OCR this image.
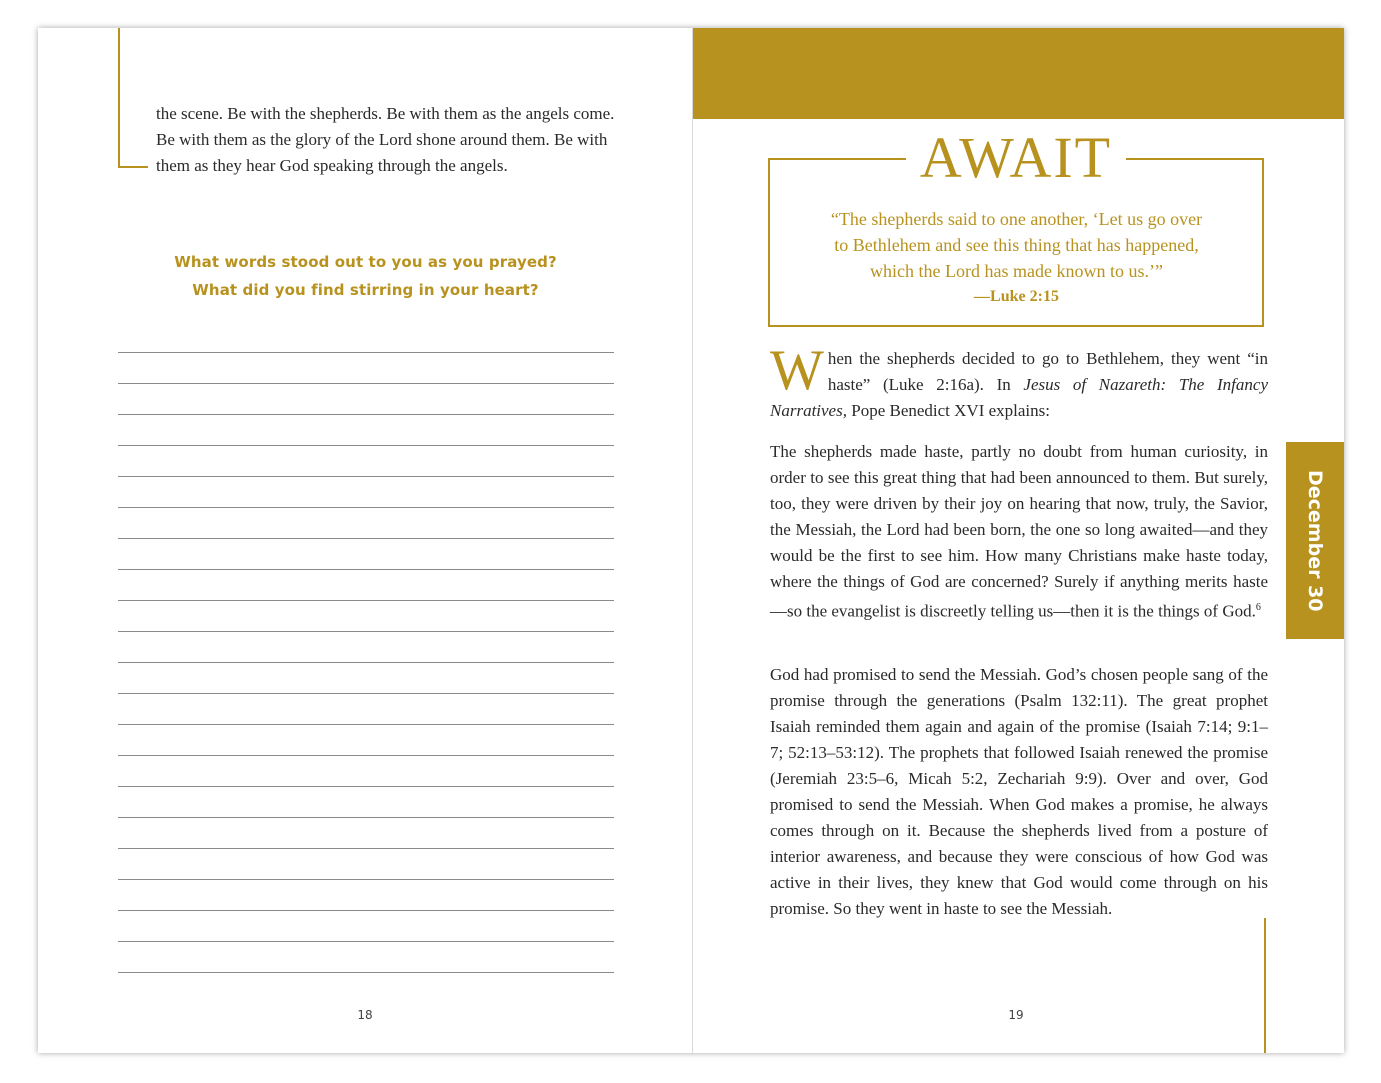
the scene. Be with the shepherds. Be with them as the angels come. Be with them as the glory of the Lord shone around them. Be with them as they hear God speaking through the angels.
What words stood out to you as you prayed?
What did you find stirring in your heart?
18
AWAIT
“The shepherds said to one another, ‘Let us go over
to Bethlehem and see this thing that has happened,
which the Lord has made known to us.’”
—Luke 2:15
When the shepherds decided to go to Bethlehem, they went “in haste” (Luke 2:16a). In Jesus of Nazareth: The Infancy Narratives, Pope Benedict XVI explains:
The shepherds made haste, partly no doubt from human curiosity, in order to see this great thing that had been announced to them. But surely, too, they were driven by their joy on hearing that now, truly, the Savior, the Messiah, the Lord had been born, the one so long awaited—and they would be the first to see him. How many Christians make haste today, where the things of God are concerned? Surely if anything merits haste—so the evangelist is discreetly telling us—then it is the things of God.$^6$
God had promised to send the Messiah. God’s chosen people sang of the promise through the generations (Psalm 132:11). The great prophet Isaiah reminded them again and again of the promise (Isaiah 7:14; 9:1–7; 52:13–53:12). The prophets that followed Isaiah renewed the promise (Jeremiah 23:5–6, Micah 5:2, Zechariah 9:9). Over and over, God promised to send the Messiah. When God makes a promise, he always comes through on it. Because the shepherds lived from a posture of interior awareness, and because they were conscious of how God was active in their lives, they knew that God would come through on his promise. So they went in haste to see the Messiah.
December 30
19
